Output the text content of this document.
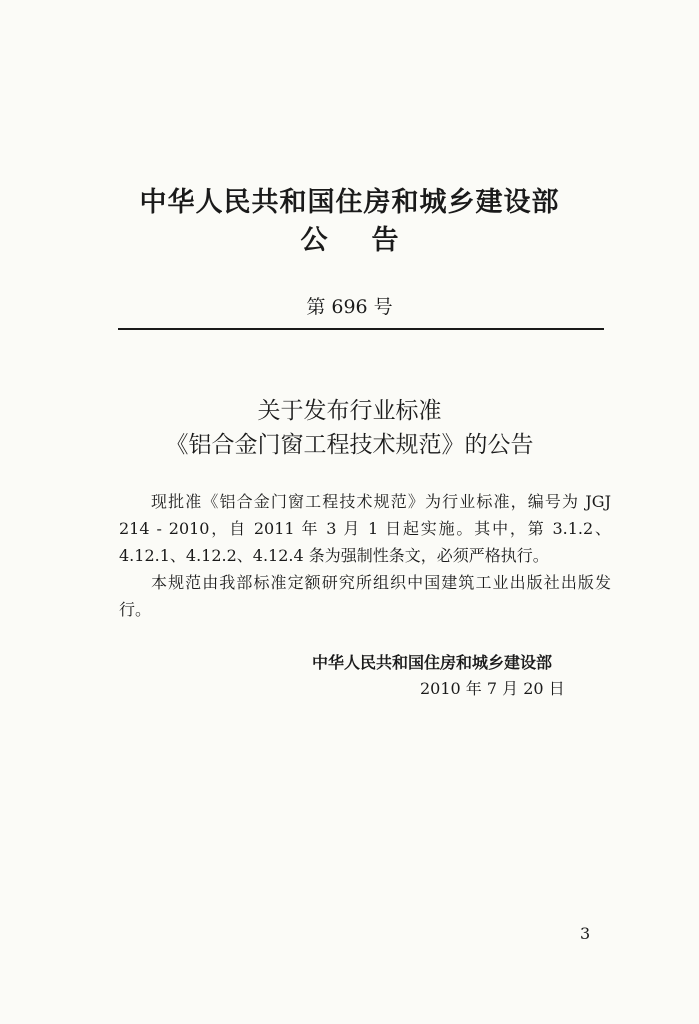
中华人民共和国住房和城乡建设部
公告
第 696 号
关于发布行业标准
《铝合金门窗工程技术规范》的公告

现批准《铝合金门窗工程技术规范》为行业标准，编号为 JGJ 214 - 2010，自 2011 年 3 月 1 日起实施。其中，第 3.1.2、4.12.1、4.12.2、4.12.4 条为强制性条文，必须严格执行。

本规范由我部标准定额研究所组织中国建筑工业出版社出版发行。

中华人民共和国住房和城乡建设部
2010 年 7 月 20 日
3
